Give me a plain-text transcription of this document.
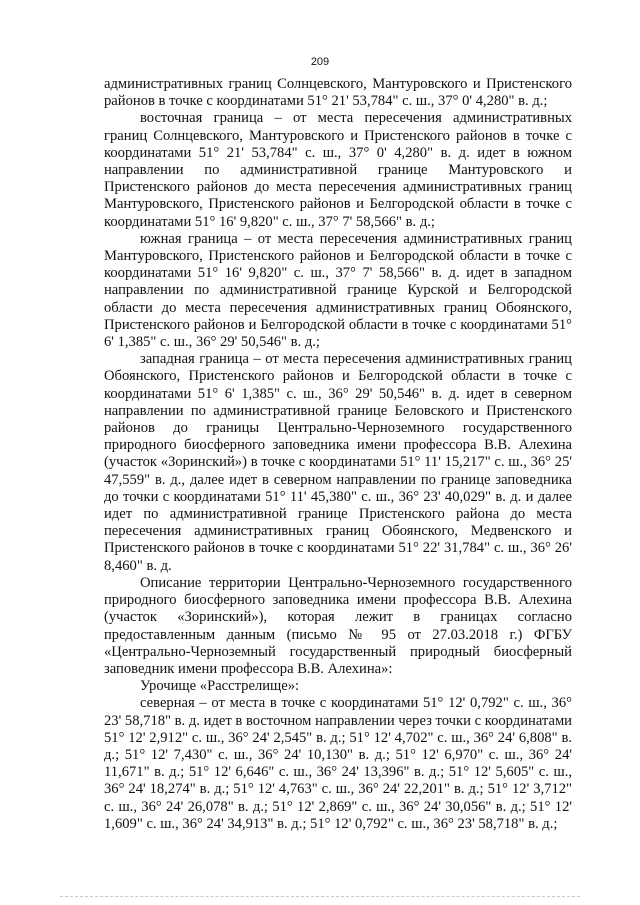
209

административных границ Солнцевского, Мантуровского и Пристенского районов в точке с координатами 51° 21' 53,784" с. ш., 37° 0' 4,280" в. д.;

восточная граница – от места пересечения административных границ Солнцевского, Мантуровского и Пристенского районов в точке с координатами 51° 21' 53,784" с. ш., 37° 0' 4,280" в. д. идет в южном направлении по административной границе Мантуровского и Пристенского районов до места пересечения административных границ Мантуровского, Пристенского районов и Белгородской области в точке с координатами 51° 16' 9,820" с. ш., 37° 7' 58,566" в. д.;

южная граница – от места пересечения административных границ Мантуровского, Пристенского районов и Белгородской области в точке с координатами 51° 16' 9,820" с. ш., 37° 7' 58,566" в. д. идет в западном направлении по административной границе Курской и Белгородской области до места пересечения административных границ Обоянского, Пристенского районов и Белгородской области в точке с координатами 51° 6' 1,385" с. ш., 36° 29' 50,546" в. д.;

западная граница – от места пересечения административных границ Обоянского, Пристенского районов и Белгородской области в точке с координатами 51° 6' 1,385" с. ш., 36° 29' 50,546" в. д. идет в северном направлении по административной границе Беловского и Пристенского районов до границы Центрально-Черноземного государственного природного биосферного заповедника имени профессора В.В. Алехина (участок «Зоринский») в точке с координатами 51° 11' 15,217" с. ш., 36° 25' 47,559" в. д., далее идет в северном направлении по границе заповедника до точки с координатами 51° 11' 45,380" с. ш., 36° 23' 40,029" в. д. и далее идет по административной границе Пристенского района до места пересечения административных границ Обоянского, Медвенского и Пристенского районов в точке с координатами 51° 22' 31,784" с. ш., 36° 26' 8,460" в. д.

Описание территории Центрально-Черноземного государственного природного биосферного заповедника имени профессора В.В. Алехина (участок «Зоринский»), которая лежит в границах согласно предоставленным данным (письмо № 95 от 27.03.2018 г.) ФГБУ «Центрально-Черноземный государственный природный биосферный заповедник имени профессора В.В. Алехина»:

Урочище «Расстрелище»:

северная – от места в точке с координатами 51° 12' 0,792" с. ш., 36° 23' 58,718" в. д. идет в восточном направлении через точки с координатами 51° 12' 2,912" с. ш., 36° 24' 2,545" в. д.; 51° 12' 4,702" с. ш., 36° 24' 6,808" в. д.; 51° 12' 7,430" с. ш., 36° 24' 10,130" в. д.; 51° 12' 6,970" с. ш., 36° 24' 11,671" в. д.; 51° 12' 6,646" с. ш., 36° 24' 13,396" в. д.; 51° 12' 5,605" с. ш., 36° 24' 18,274" в. д.; 51° 12' 4,763" с. ш., 36° 24' 22,201" в. д.; 51° 12' 3,712" с. ш., 36° 24' 26,078" в. д.; 51° 12' 2,869" с. ш., 36° 24' 30,056" в. д.; 51° 12' 1,609" с. ш., 36° 24' 34,913" в. д.; 51° 12' 0,792" с. ш., 36° 23' 58,718" в. д.;
